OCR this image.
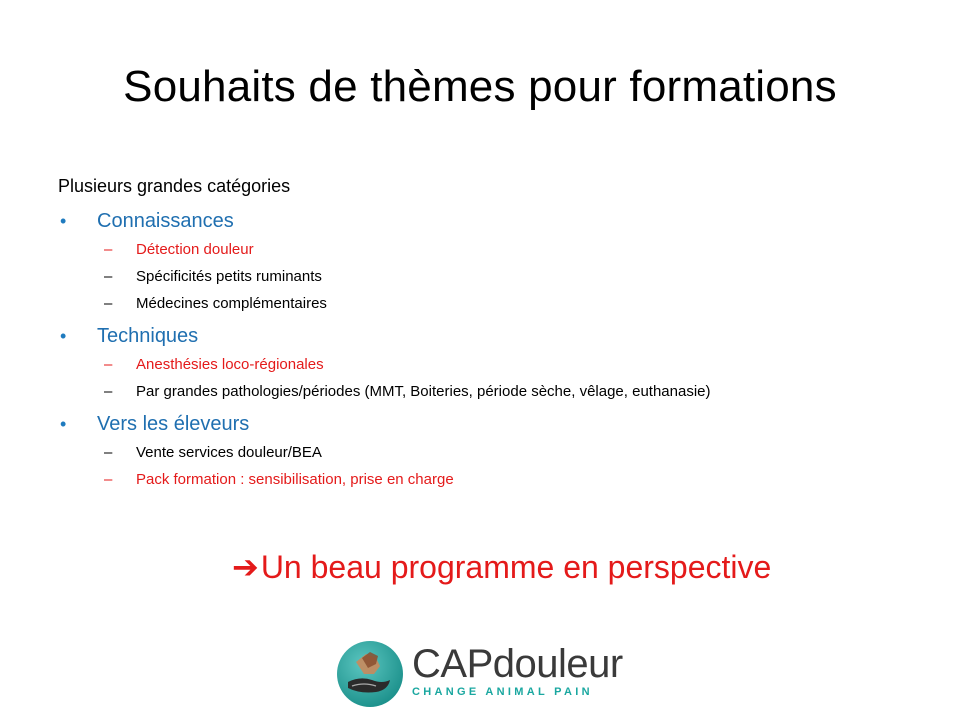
Souhaits de thèmes pour formations
Plusieurs grandes catégories
•	Connaissances
–	Détection douleur
–	Spécificités petits ruminants
–	Médecines complémentaires
•	Techniques
–	Anesthésies loco-régionales
–	Par grandes pathologies/périodes (MMT, Boiteries, période sèche, vêlage, euthanasie)
•	Vers les éleveurs
–	Vente services douleur/BEA
–	Pack formation : sensibilisation, prise en charge
➔ Un beau programme en perspective
CAPdouleur
CHANGE ANIMAL PAIN
